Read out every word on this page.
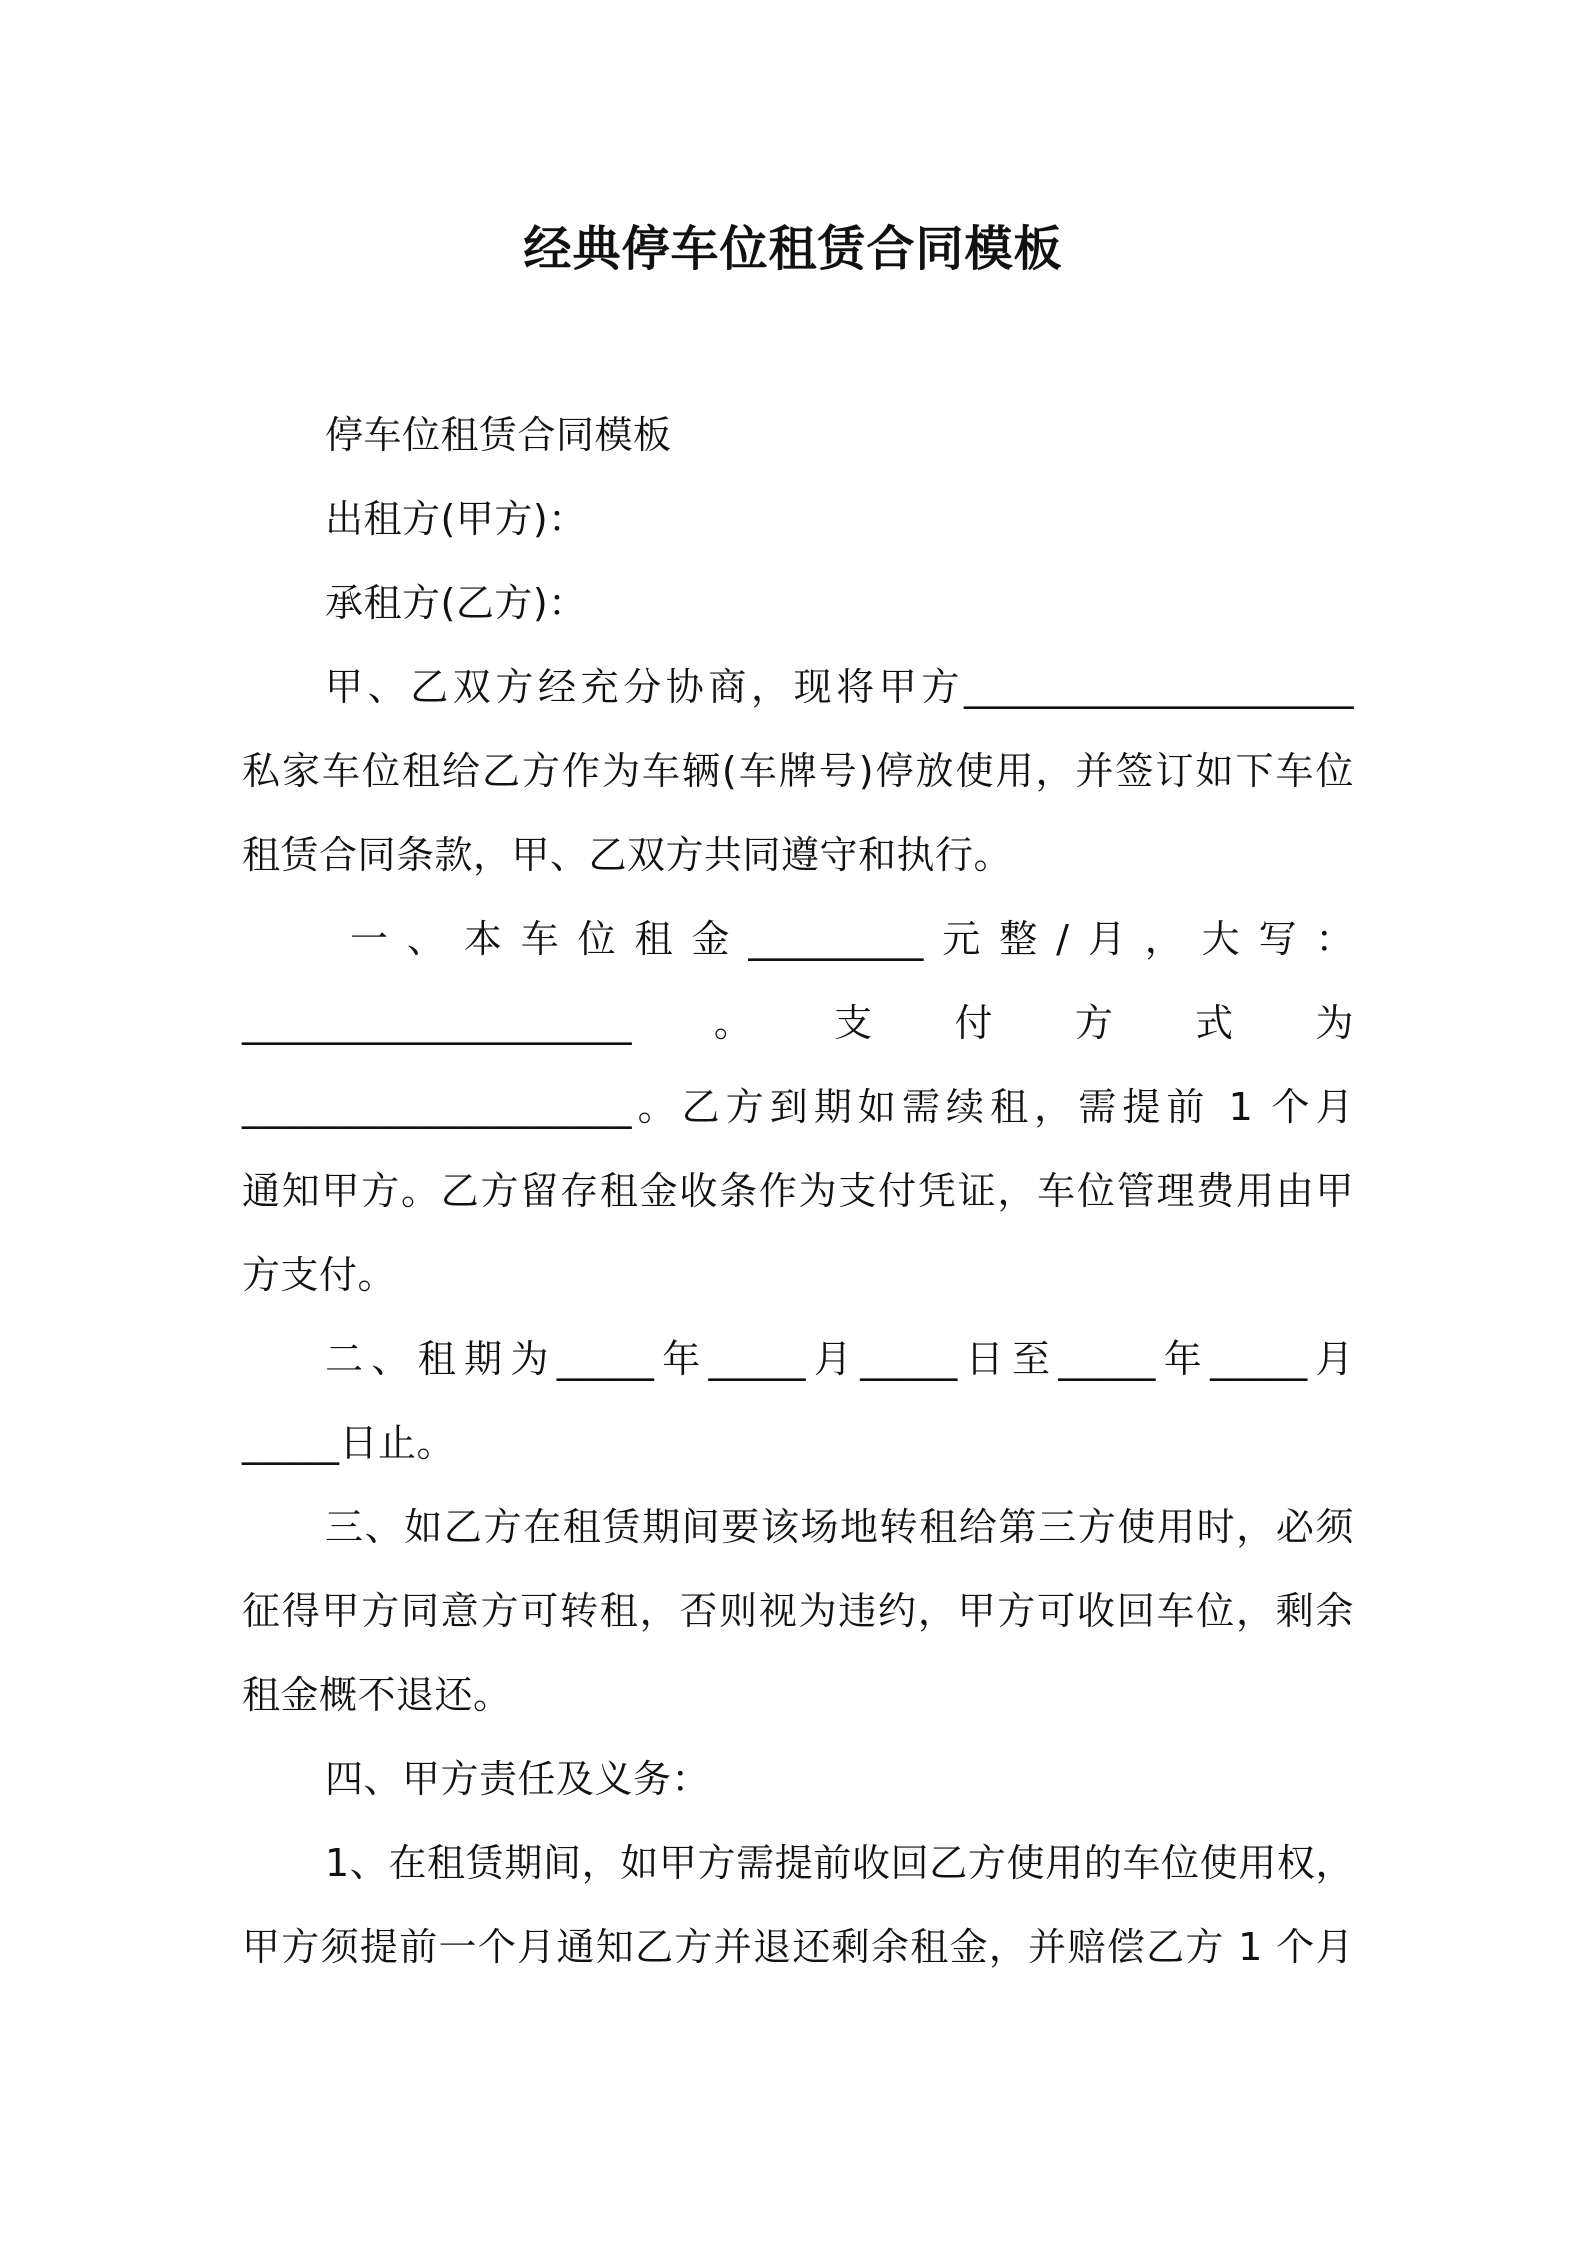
经典停车位租赁合同模板
停车位租赁合同模板
出租方(甲方)：
承租方(乙方)：
甲、乙双方经充分协商，现将甲方____________________
私家车位租给乙方作为车辆(车牌号)停放使用，并签订如下车位
租赁合同条款，甲、乙双方共同遵守和执行。
一、本车位租金_________元整/月，大写：
____________________。支付方式为
____________________。乙方到期如需续租，需提前 1 个月
通知甲方。乙方留存租金收条作为支付凭证，车位管理费用由甲
方支付。
二、租期为_____年_____月_____日至_____年_____月
_____日止。
三、如乙方在租赁期间要该场地转租给第三方使用时，必须
征得甲方同意方可转租，否则视为违约，甲方可收回车位，剩余
租金概不退还。
四、甲方责任及义务：
1、在租赁期间，如甲方需提前收回乙方使用的车位使用权，
甲方须提前一个月通知乙方并退还剩余租金，并赔偿乙方 1 个月
